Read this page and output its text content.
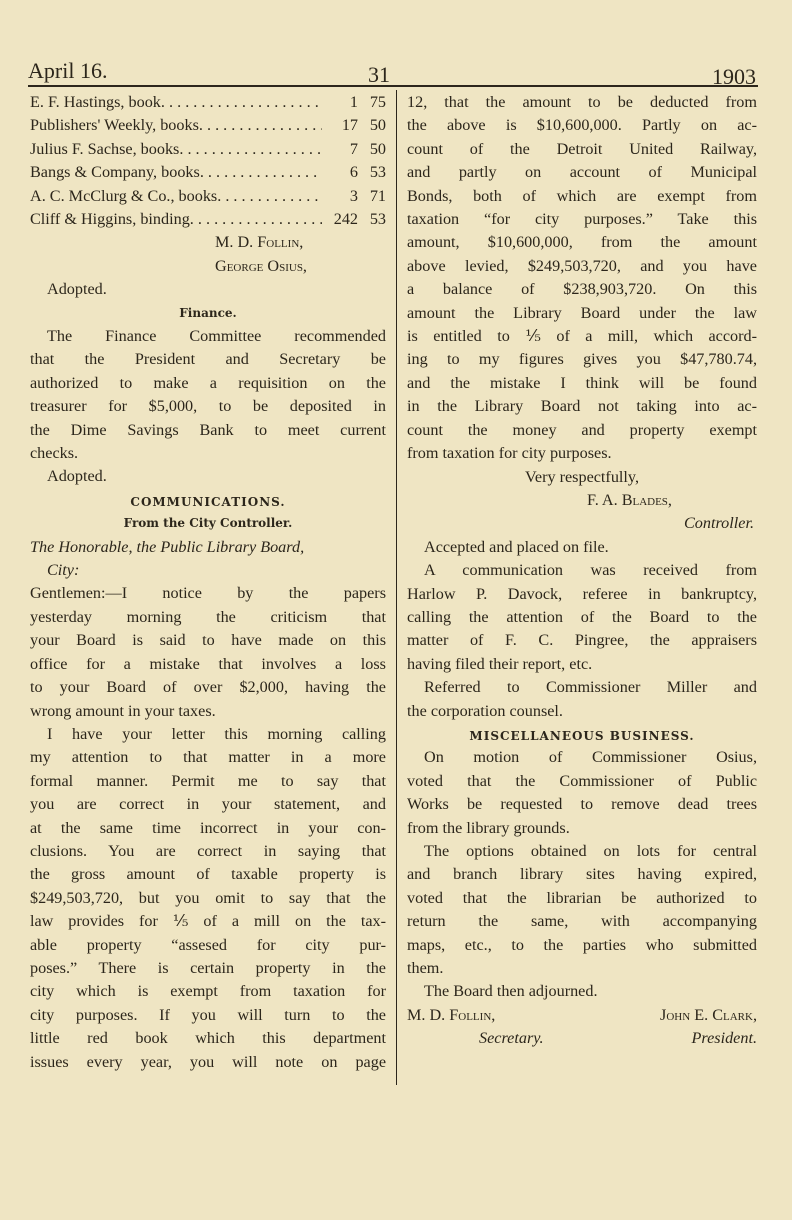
April 16.	31	1903
E. F. Hastings, book . . .	1 75
Publishers' Weekly, books . . .	17 50
Julius F. Sachse, books . . .	7 50
Bangs & Company, books . . .	6 53
A. C. McClurg & Co., books . . .	3 71
Cliff & Higgins, binding . . .	242 53
M. D. Follin,
George Osius,
Adopted.
Finance.
The Finance Committee recommended
that the President and Secretary be
authorized to make a requisition on the
treasurer for $5,000, to be deposited in
the Dime Savings Bank to meet current
checks.
Adopted.
COMMUNICATIONS.
From the City Controller.
The Honorable, the Public Library Board,
City:
Gentlemen:—I notice by the papers
yesterday morning the criticism that
your Board is said to have made on this
office for a mistake that involves a loss
to your Board of over $2,000, having the
wrong amount in your taxes.
I have your letter this morning calling
my attention to that matter in a more
formal manner. Permit me to say that
you are correct in your statement, and
at the same time incorrect in your con-
clusions. You are correct in saying that
the gross amount of taxable property is
$249,503,720, but you omit to say that the
law provides for ⅕ of a mill on the tax-
able property “assesed for city pur-
poses.” There is certain property in the
city which is exempt from taxation for
city purposes. If you will turn to the
little red book which this department
issues every year, you will note on page
12, that the amount to be deducted from
the above is $10,600,000. Partly on ac-
count of the Detroit United Railway,
and partly on account of Municipal
Bonds, both of which are exempt from
taxation “for city purposes.” Take this
amount, $10,600,000, from the amount
above levied, $249,503,720, and you have
a balance of $238,903,720. On this
amount the Library Board under the law
is entitled to ⅕ of a mill, which accord-
ing to my figures gives you $47,780.74,
and the mistake I think will be found
in the Library Board not taking into ac-
count the money and property exempt
from taxation for city purposes.
Very respectfully,
F. A. Blades,
Controller.
Accepted and placed on file.
A communication was received from
Harlow P. Davock, referee in bankruptcy,
calling the attention of the Board to the
matter of F. C. Pingree, the appraisers
having filed their report, etc.
Referred to Commissioner Miller and
the corporation counsel.
MISCELLANEOUS BUSINESS.
On motion of Commissioner Osius,
voted that the Commissioner of Public
Works be requested to remove dead trees
from the library grounds.
The options obtained on lots for central
and branch library sites having expired,
voted that the librarian be authorized to
return the same, with accompanying
maps, etc., to the parties who submitted
them.
The Board then adjourned.
M. D. Follin,	John E. Clark,
Secretary.	President.
